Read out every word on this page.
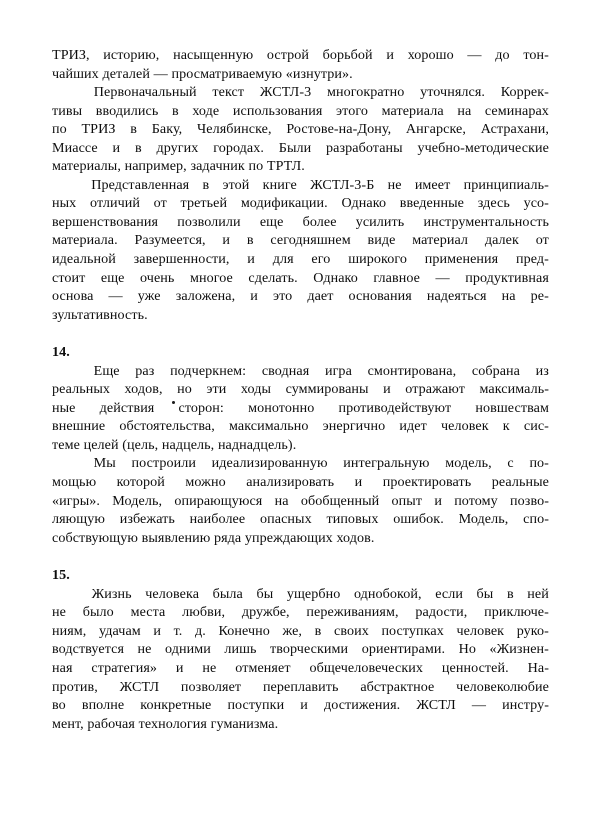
ТРИЗ, историю, насыщенную острой борьбой и хорошо — до тон-
чайших деталей — просматриваемую «изнутри».
Первоначальный текст ЖСТЛ-3 многократно уточнялся. Коррек-
тивы вводились в ходе использования этого материала на семинарах
по ТРИЗ в Баку, Челябинске, Ростове-на-Дону, Ангарске, Астрахани,
Миассе и в других городах. Были разработаны учебно-методические
материалы, например, задачник по ТРТЛ.
Представленная в этой книге ЖСТЛ-3-Б не имеет принципиаль-
ных отличий от третьей модификации. Однако введенные здесь усо-
вершенствования позволили еще более усилить инструментальность
материала. Разумеется, и в сегодняшнем виде материал далек от
идеальной завершенности, и для его широкого применения пред-
стоит еще очень многое сделать. Однако главное — продуктивная
основа — уже заложена, и это дает основания надеяться на ре-
зультативность.
14.
Еще раз подчеркнем: сводная игра смонтирована, собрана из
реальных ходов, но эти ходы суммированы и отражают максималь-
ные действия сторон: монотонно противодействуют новшествам
внешние обстоятельства, максимально энергично идет человек к сис-
теме целей (цель, надцель, наднадцель).
Мы построили идеализированную интегральную модель, с по-
мощью которой можно анализировать и проектировать реальные
«игры». Модель, опирающуюся на обобщенный опыт и потому позво-
ляющую избежать наиболее опасных типовых ошибок. Модель, спо-
собствующую выявлению ряда упреждающих ходов.
15.
Жизнь человека была бы ущербно однобокой, если бы в ней
не было места любви, дружбе, переживаниям, радости, приключе-
ниям, удачам и т. д. Конечно же, в своих поступках человек руко-
водствуется не одними лишь творческими ориентирами. Но «Жизнен-
ная стратегия» и не отменяет общечеловеческих ценностей. На-
против, ЖСТЛ позволяет переплавить абстрактное человеколюбие
во вполне конкретные поступки и достижения. ЖСТЛ — инстру-
мент, рабочая технология гуманизма.
